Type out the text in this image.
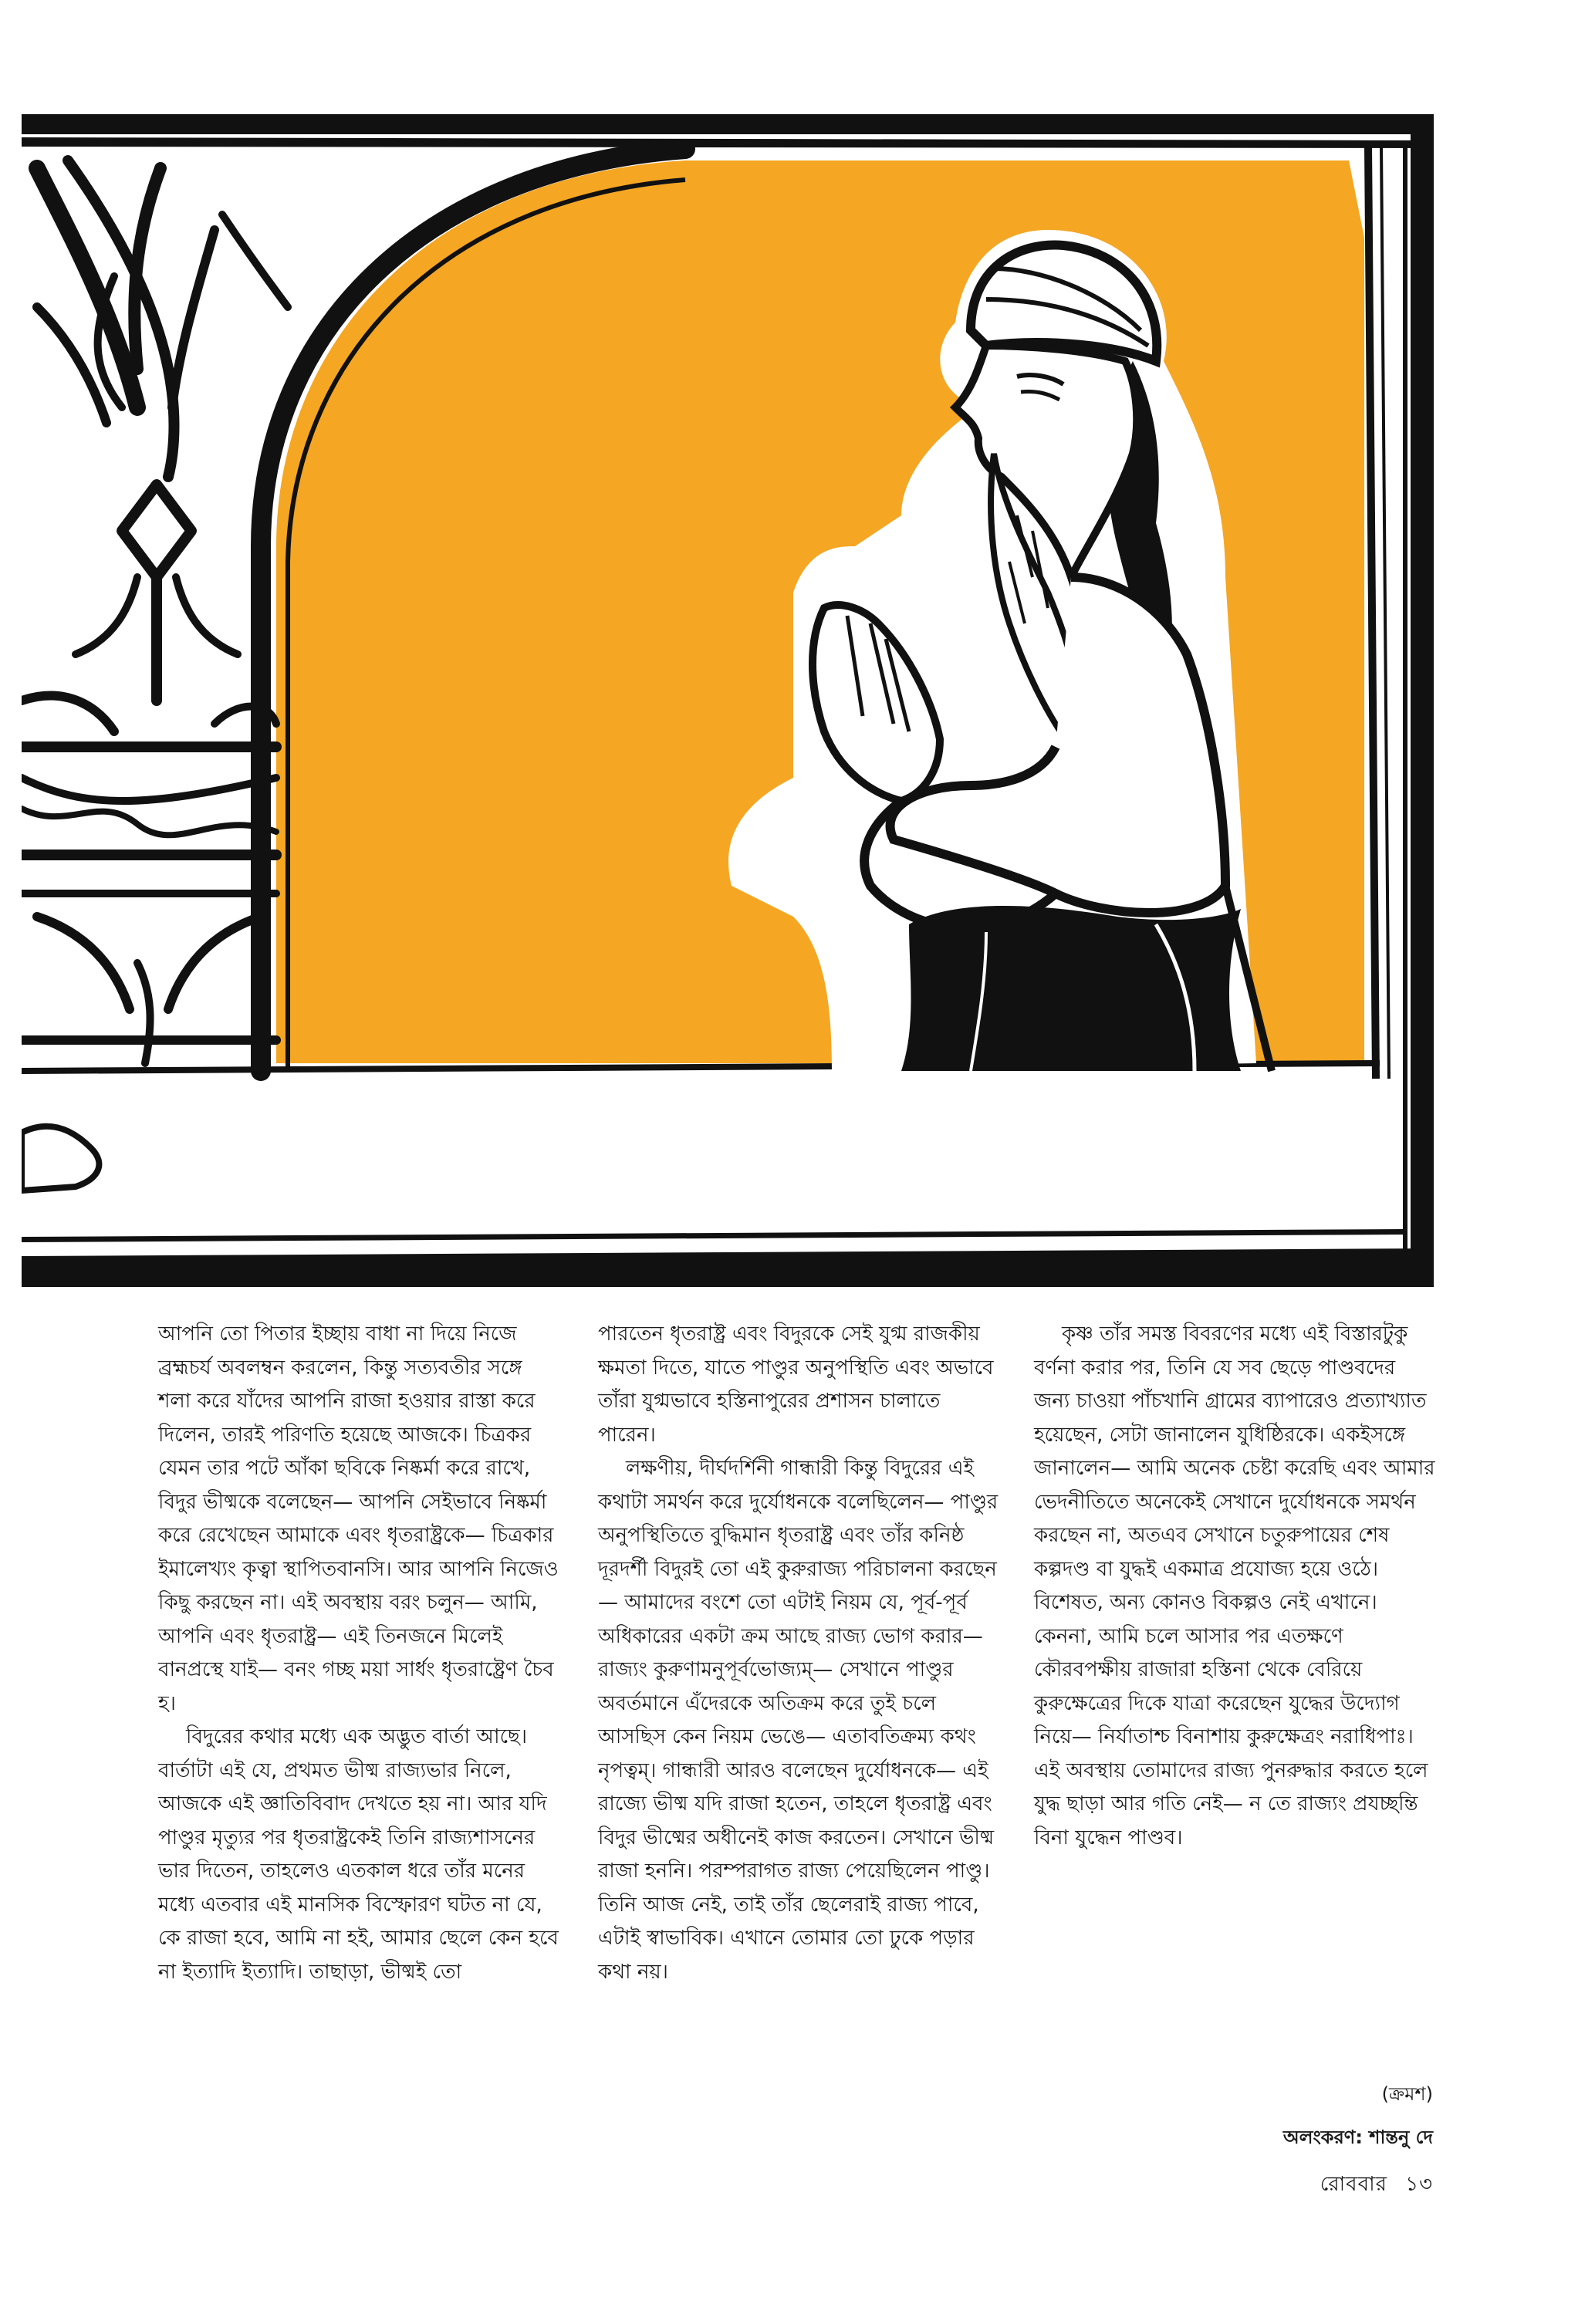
আপনি তো পিতার ইচ্ছায় বাধা না দিয়ে নিজে ব্রহ্মচর্য অবলম্বন করলেন, কিন্তু সত্যবতীর সঙ্গে শলা করে যাঁদের আপনি রাজা হওয়ার রাস্তা করে দিলেন, তারই পরিণতি হয়েছে আজকে। চিত্রকর যেমন তার পটে আঁকা ছবিকে নিষ্কর্মা করে রাখে, বিদুর ভীষ্মকে বলেছেন— আপনি সেইভাবে নিষ্কর্মা করে রেখেছেন আমাকে এবং ধৃতরাষ্ট্রকে— চিত্রকার ইমালেখ্যং কৃত্বা স্থাপিতবানসি। আর আপনি নিজেও কিছু করছেন না। এই অবস্থায় বরং চলুন— আমি, আপনি এবং ধৃতরাষ্ট্র— এই তিনজনে মিলেই বানপ্রস্থে যাই— বনং গচ্ছ ময়া সার্ধং ধৃতরাষ্ট্রেণ চৈব হ।

বিদুরের কথার মধ্যে এক অদ্ভুত বার্তা আছে। বার্তাটা এই যে, প্রথমত ভীষ্ম রাজ্যভার নিলে, আজকে এই জ্ঞাতিবিবাদ দেখতে হয় না। আর যদি পাণ্ডুর মৃত্যুর পর ধৃতরাষ্ট্রকেই তিনি রাজ্যশাসনের ভার দিতেন, তাহলেও এতকাল ধরে তাঁর মনের মধ্যে এতবার এই মানসিক বিস্ফোরণ ঘটত না যে, কে রাজা হবে, আমি না হই, আমার ছেলে কেন হবে না ইত্যাদি ইত্যাদি। তাছাড়া, ভীষ্মই তো

পারতেন ধৃতরাষ্ট্র এবং বিদুরকে সেই যুগ্ম রাজকীয় ক্ষমতা দিতে, যাতে পাণ্ডুর অনুপস্থিতি এবং অভাবে তাঁরা যুগ্মভাবে হস্তিনাপুরের প্রশাসন চালাতে পারেন।

লক্ষণীয়, দীর্ঘদর্শিনী গান্ধারী কিন্তু বিদুরের এই কথাটা সমর্থন করে দুর্যোধনকে বলেছিলেন— পাণ্ডুর অনুপস্থিতিতে বুদ্ধিমান ধৃতরাষ্ট্র এবং তাঁর কনিষ্ঠ দূরদর্শী বিদুরই তো এই কুরুরাজ্য পরিচালনা করছেন— আমাদের বংশে তো এটাই নিয়ম যে, পূর্ব-পূর্ব অধিকারের একটা ক্রম আছে রাজ্য ভোগ করার— রাজ্যং কুরুণামনুপূর্বভোজ্যম্— সেখানে পাণ্ডুর অবর্তমানে এঁদেরকে অতিক্রম করে তুই চলে আসছিস কেন নিয়ম ভেঙে— এতাবতিক্রম্য কথং নৃপত্বম্। গান্ধারী আরও বলেছেন দুর্যোধনকে— এই রাজ্যে ভীষ্ম যদি রাজা হতেন, তাহলে ধৃতরাষ্ট্র এবং বিদুর ভীষ্মের অধীনেই কাজ করতেন। সেখানে ভীষ্ম রাজা হননি। পরম্পরাগত রাজ্য পেয়েছিলেন পাণ্ডু। তিনি আজ নেই, তাই তাঁর ছেলেরাই রাজ্য পাবে, এটাই স্বাভাবিক। এখানে তোমার তো ঢুকে পড়ার কথা নয়।

কৃষ্ণ তাঁর সমস্ত বিবরণের মধ্যে এই বিস্তারটুকু বর্ণনা করার পর, তিনি যে সব ছেড়ে পাণ্ডবদের জন্য চাওয়া পাঁচখানি গ্রামের ব্যাপারেও প্রত্যাখ্যাত হয়েছেন, সেটা জানালেন যুধিষ্ঠিরকে। একইসঙ্গে জানালেন— আমি অনেক চেষ্টা করেছি এবং আমার ভেদনীতিতে অনেকেই সেখানে দুর্যোধনকে সমর্থন করছেন না, অতএব সেখানে চতুরুপায়ের শেষ কল্পদণ্ড বা যুদ্ধই একমাত্র প্রযোজ্য হয়ে ওঠে। বিশেষত, অন্য কোনও বিকল্পও নেই এখানে। কেননা, আমি চলে আসার পর এতক্ষণে কৌরবপক্ষীয় রাজারা হস্তিনা থেকে বেরিয়ে কুরুক্ষেত্রের দিকে যাত্রা করেছেন যুদ্ধের উদ্যোগ নিয়ে— নির্যাতাশ্চ বিনাশায় কুরুক্ষেত্রং নরাধিপাঃ। এই অবস্থায় তোমাদের রাজ্য পুনরুদ্ধার করতে হলে যুদ্ধ ছাড়া আর গতি নেই— ন তে রাজ্যং প্রযচ্ছন্তি বিনা যুদ্ধেন পাণ্ডব।

(ক্রমশ)
অলংকরণ: শান্তনু দে
রোববার ১৩
